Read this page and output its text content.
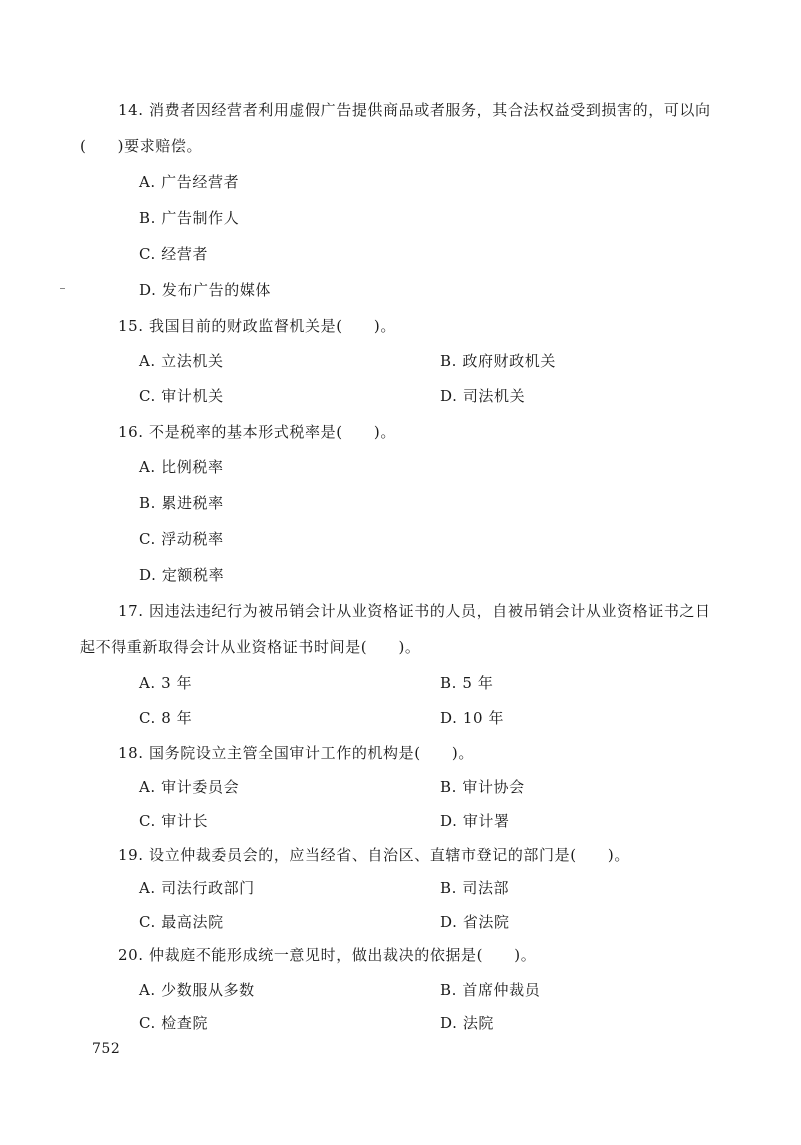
14. 消费者因经营者利用虚假广告提供商品或者服务，其合法权益受到损害的，可以向
(　　)要求赔偿。
A. 广告经营者
B. 广告制作人
C. 经营者
D. 发布广告的媒体
15. 我国目前的财政监督机关是(　　)。
A. 立法机关	B. 政府财政机关
C. 审计机关	D. 司法机关
16. 不是税率的基本形式税率是(　　)。
A. 比例税率
B. 累进税率
C. 浮动税率
D. 定额税率
17. 因违法违纪行为被吊销会计从业资格证书的人员，自被吊销会计从业资格证书之日
起不得重新取得会计从业资格证书时间是(　　)。
A. 3 年	B. 5 年
C. 8 年	D. 10 年
18. 国务院设立主管全国审计工作的机构是(　　)。
A. 审计委员会	B. 审计协会
C. 审计长	D. 审计署
19. 设立仲裁委员会的，应当经省、自治区、直辖市登记的部门是(　　)。
A. 司法行政部门	B. 司法部
C. 最高法院	D. 省法院
20. 仲裁庭不能形成统一意见时，做出裁决的依据是(　　)。
A. 少数服从多数	B. 首席仲裁员
C. 检查院	D. 法院
752
